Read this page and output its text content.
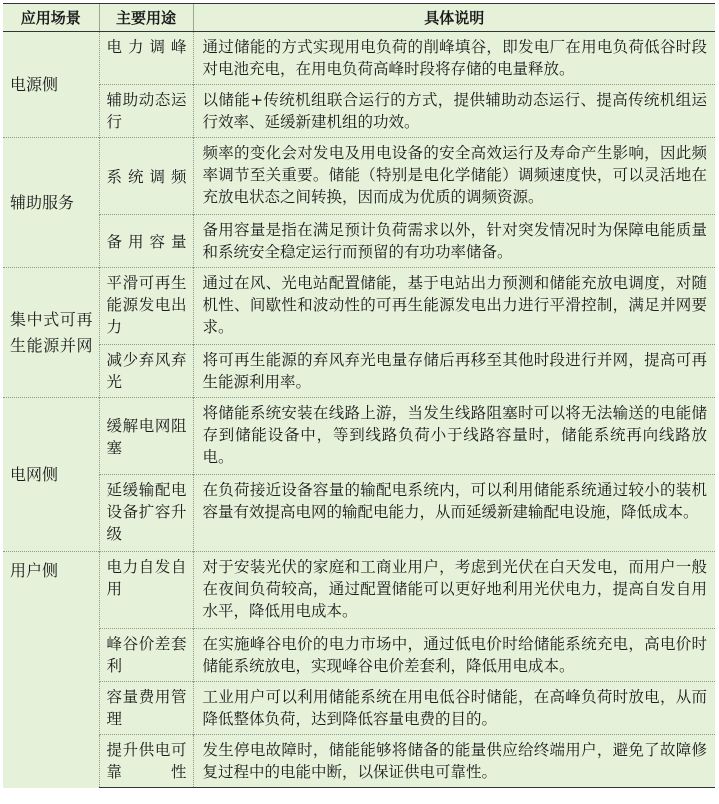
应用场景	主要用途	具体说明
电源侧	电力调峰	通过储能的方式实现用电负荷的削峰填谷，即发电厂在用电负荷低谷时段对电池充电，在用电负荷高峰时段将存储的电量释放。
	辅助动态运行	以储能+传统机组联合运行的方式，提供辅助动态运行、提高传统机组运行效率、延缓新建机组的功效。
辅助服务	系统调频	频率的变化会对发电及用电设备的安全高效运行及寿命产生影响，因此频率调节至关重要。储能（特别是电化学储能）调频速度快，可以灵活地在充放电状态之间转换，因而成为优质的调频资源。
	备用容量	备用容量是指在满足预计负荷需求以外，针对突发情况时为保障电能质量和系统安全稳定运行而预留的有功功率储备。
集中式可再生能源并网	平滑可再生能源发电出力	通过在风、光电站配置储能，基于电站出力预测和储能充放电调度，对随机性、间歇性和波动性的可再生能源发电出力进行平滑控制，满足并网要求。
	减少弃风弃光	将可再生能源的弃风弃光电量存储后再移至其他时段进行并网，提高可再生能源利用率。
电网侧	缓解电网阻塞	将储能系统安装在线路上游，当发生线路阻塞时可以将无法输送的电能储存到储能设备中，等到线路负荷小于线路容量时，储能系统再向线路放电。
	延缓输配电设备扩容升级	在负荷接近设备容量的输配电系统内，可以利用储能系统通过较小的装机容量有效提高电网的输配电能力，从而延缓新建输配电设施，降低成本。
用户侧	电力自发自用	对于安装光伏的家庭和工商业用户，考虑到光伏在白天发电，而用户一般在夜间负荷较高，通过配置储能可以更好地利用光伏电力，提高自发自用水平，降低用电成本。
	峰谷价差套利	在实施峰谷电价的电力市场中，通过低电价时给储能系统充电，高电价时储能系统放电，实现峰谷电价差套利，降低用电成本。
	容量费用管理	工业用户可以利用储能系统在用电低谷时储能，在高峰负荷时放电，从而降低整体负荷，达到降低容量电费的目的。
	提升供电可靠性	发生停电故障时，储能能够将储备的能量供应给终端用户，避免了故障修复过程中的电能中断，以保证供电可靠性。
